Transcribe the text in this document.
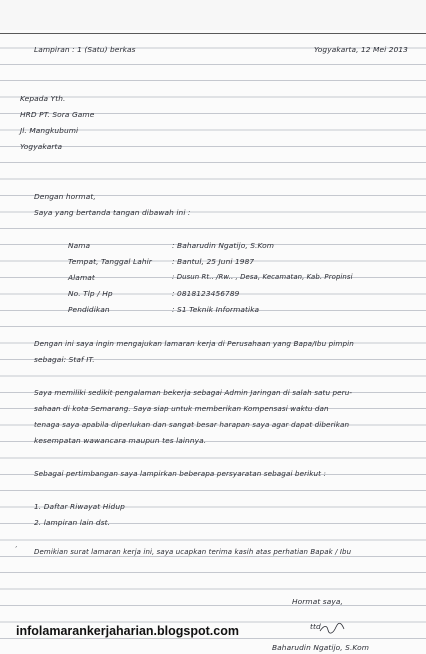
Lampiran : 1 (Satu) berkas	Yogyakarta, 12 Mei 2013
Kepada Yth.
HRD PT. Sora Game
Jl. Mangkubumi
Yogyakarta
Dengan hormat,
Saya yang bertanda tangan dibawah ini :
Nama	: Baharudin Ngatijo, S.Kom
Tempat, Tanggal Lahir	: Bantul, 25 Juni 1987
Alamat	: Dusun Rt.. /Rw.. , Desa, Kecamatan, Kab. Propinsi
No. Tlp / Hp	: 0818123456789
Pendidikan	: S1 Teknik Informatika
Dengan ini saya ingin mengajukan lamaran kerja di Perusahaan yang Bapa/Ibu pimpin
sebagai: Staf IT.
Saya memiliki sedikit pengalaman bekerja sebagai Admin Jaringan di salah satu peru-
sahaan di kota Semarang. Saya siap untuk memberikan Kompensasi waktu dan
tenaga saya apabila diperlukan dan sangat besar harapan saya agar dapat diberikan
kesempatan wawancara maupun tes lainnya.
Sebagai pertimbangan saya lampirkan beberapa persyaratan sebagai berikut :
1. Daftar Riwayat Hidup
2. lampiran lain dst.
ˊ Demikian surat lamaran kerja ini, saya ucapkan terima kasih atas perhatian Bapak / Ibu
Hormat saya,
ttd
Baharudin Ngatijo, S.Kom
infolamarankerjaharian.blogspot.com
